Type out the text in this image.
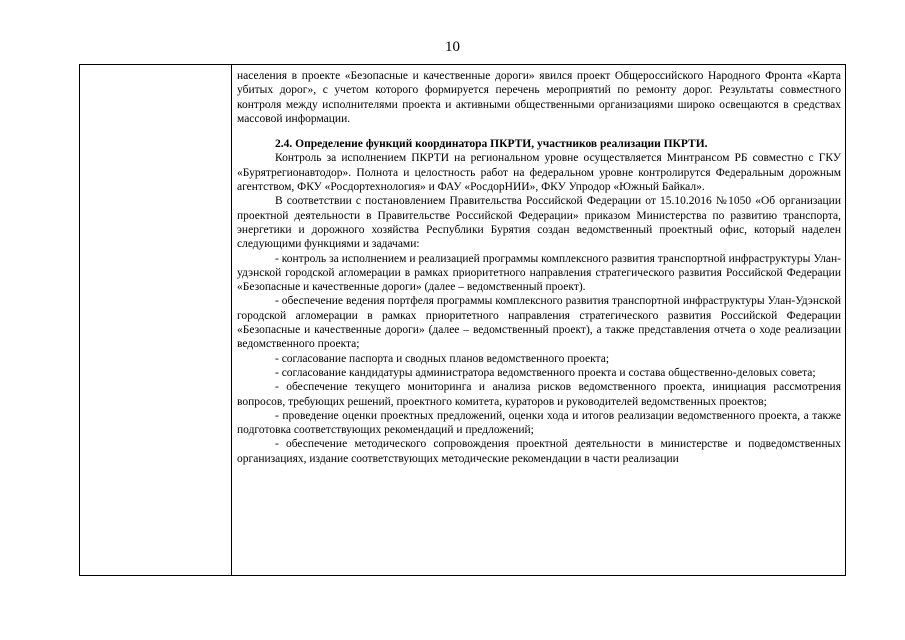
10

населения в проекте «Безопасные и качественные дороги» явился проект Общероссийского Народного Фронта «Карта убитых дорог», с учетом которого формируется перечень мероприятий по ремонту дорог. Результаты совместного контроля между исполнителями проекта и активными общественными организациями широко освещаются в средствах массовой информации.

2.4. Определение функций координатора ПКРТИ, участников реализации ПКРТИ.

Контроль за исполнением ПКРТИ на региональном уровне осуществляется Минтрансом РБ совместно с ГКУ «Бурятрегионавтодор». Полнота и целостность работ на федеральном уровне контролирутся Федеральным дорожным агентством, ФКУ «Росдортехнология» и ФАУ «РосдорНИИ», ФКУ Упродор «Южный Байкал».

В соответствии с постановлением Правительства Российской Федерации от 15.10.2016 №1050 «Об организации проектной деятельности в Правительстве Российской Федерации» приказом Министерства по развитию транспорта, энергетики и дорожного хозяйства Республики Бурятия создан ведомственный проектный офис, который наделен следующими функциями и задачами:

- контроль за исполнением и реализацией программы комплексного развития транспортной инфраструктуры Улан-удэнской городской агломерации в рамках приоритетного направления стратегического развития Российской Федерации «Безопасные и качественные дороги» (далее – ведомственный проект).

- обеспечение ведения портфеля программы комплексного развития транспортной инфраструктуры Улан-Удэнской городской агломерации в рамках приоритетного направления стратегического развития Российской Федерации «Безопасные и качественные дороги» (далее – ведомственный проект), а также представления отчета о ходе реализации ведомственного проекта;

- согласование паспорта и сводных планов ведомственного проекта;

- согласование кандидатуры администратора ведомственного проекта и состава общественно-деловых совета;

- обеспечение текущего мониторинга и анализа рисков ведомственного проекта, инициация рассмотрения вопросов, требующих решений, проектного комитета, кураторов и руководителей ведомственных проектов;

- проведение оценки проектных предложений, оценки хода и итогов реализации ведомственного проекта, а также подготовка соответствующих рекомендаций и предложений;

- обеспечение методического сопровождения проектной деятельности в министерстве и подведомственных организациях, издание соответствующих методические рекомендации в части реализации
